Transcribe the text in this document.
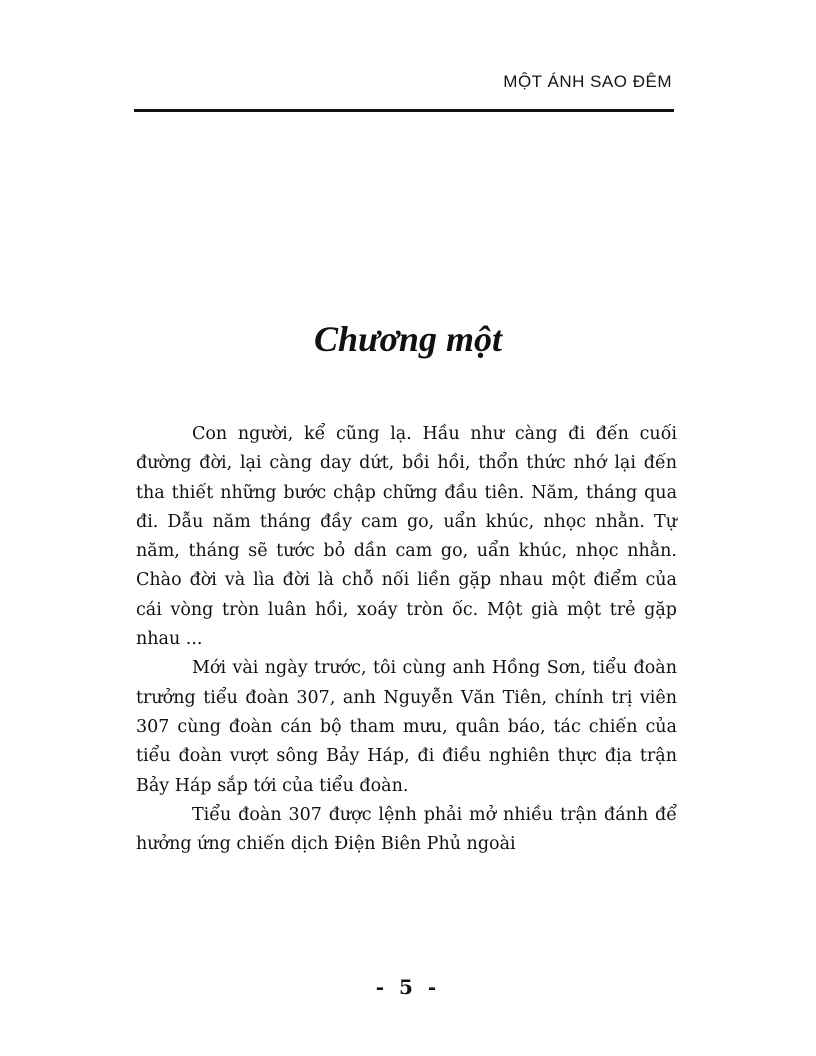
MỘT ÁNH SAO ĐÊM
Chương một

Con người, kể cũng lạ. Hầu như càng đi đến cuối đường đời, lại càng day dứt, bồi hồi, thổn thức nhớ lại đến tha thiết những bước chập chững đầu tiên. Năm, tháng qua đi. Dẫu năm tháng đầy cam go, uẩn khúc, nhọc nhằn. Tự năm, tháng sẽ tước bỏ dần cam go, uẩn khúc, nhọc nhằn. Chào đời và lìa đời là chỗ nối liền gặp nhau một điểm của cái vòng tròn luân hồi, xoáy tròn ốc. Một già một trẻ gặp nhau ...

Mới vài ngày trước, tôi cùng anh Hồng Sơn, tiểu đoàn trưởng tiểu đoàn 307, anh Nguyễn Văn Tiên, chính trị viên 307 cùng đoàn cán bộ tham mưu, quân báo, tác chiến của tiểu đoàn vượt sông Bảy Háp, đi điều nghiên thực địa trận Bảy Háp sắp tới của tiểu đoàn.

Tiểu đoàn 307 được lệnh phải mở nhiều trận đánh để hưởng ứng chiến dịch Điện Biên Phủ ngoài

- 5 -
